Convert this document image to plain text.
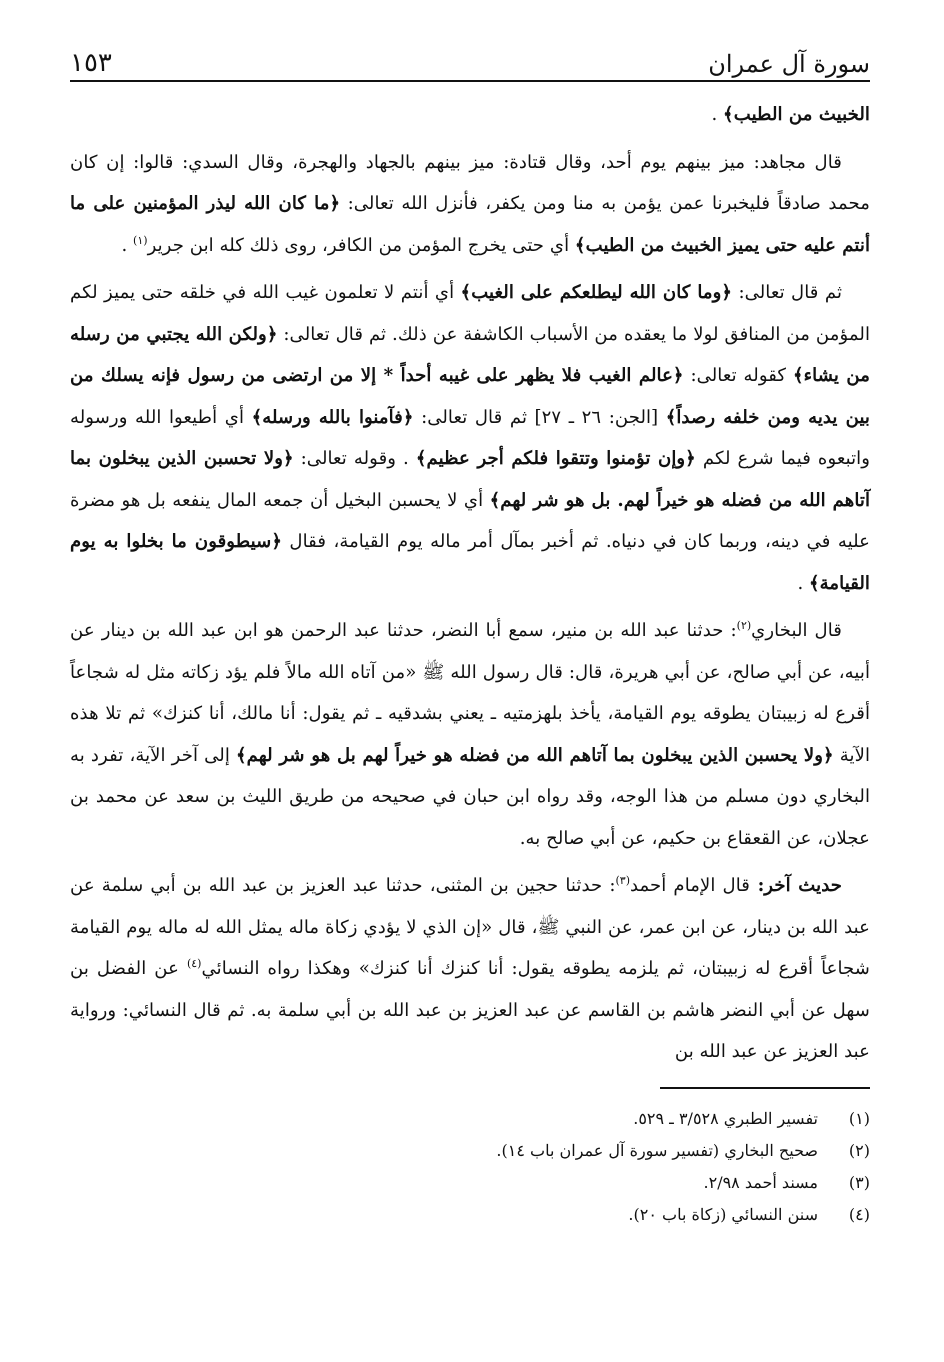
سورة آل عمران
١٥٣

الخبيث من الطيب﴾ .

قال مجاهد: ميز بينهم يوم أحد، وقال قتادة: ميز بينهم بالجهاد والهجرة، وقال السدي: قالوا: إن كان محمد صادقاً فليخبرنا عمن يؤمن به منا ومن يكفر، فأنزل الله تعالى: ﴿ما كان الله ليذر المؤمنين على ما أنتم عليه حتى يميز الخبيث من الطيب﴾ أي حتى يخرج المؤمن من الكافر، روى ذلك كله ابن جرير$^{(١)}$ .

ثم قال تعالى: ﴿وما كان الله ليطلعكم على الغيب﴾ أي أنتم لا تعلمون غيب الله في خلقه حتى يميز لكم المؤمن من المنافق لولا ما يعقده من الأسباب الكاشفة عن ذلك. ثم قال تعالى: ﴿ولكن الله يجتبي من رسله من يشاء﴾ كقوله تعالى: ﴿عالم الغيب فلا يظهر على غيبه أحداً * إلا من ارتضى من رسول فإنه يسلك من بين يديه ومن خلفه رصداً﴾ [الجن: ٢٦ ـ ٢٧] ثم قال تعالى: ﴿فآمنوا بالله ورسله﴾ أي أطيعوا الله ورسوله واتبعوه فيما شرع لكم ﴿وإن تؤمنوا وتتقوا فلكم أجر عظيم﴾ . وقوله تعالى: ﴿ولا تحسبن الذين يبخلون بما آتاهم الله من فضله هو خيراً لهم. بل هو شر لهم﴾ أي لا يحسبن البخيل أن جمعه المال ينفعه بل هو مضرة عليه في دينه، وربما كان في دنياه. ثم أخبر بمآل أمر ماله يوم القيامة، فقال ﴿سيطوقون ما بخلوا به يوم القيامة﴾ .

قال البخاري$^{(٢)}$: حدثنا عبد الله بن منير، سمع أبا النضر، حدثنا عبد الرحمن هو ابن عبد الله بن دينار عن أبيه، عن أبي صالح، عن أبي هريرة، قال: قال رسول الله ﷺ «من آتاه الله مالاً فلم يؤد زكاته مثل له شجاعاً أقرع له زبيبتان يطوقه يوم القيامة، يأخذ بلهزمتيه ـ يعني بشدقيه ـ ثم يقول: أنا مالك، أنا كنزك» ثم تلا هذه الآية ﴿ولا يحسبن الذين يبخلون بما آتاهم الله من فضله هو خيراً لهم بل هو شر لهم﴾ إلى آخر الآية، تفرد به البخاري دون مسلم من هذا الوجه، وقد رواه ابن حبان في صحيحه من طريق الليث بن سعد عن محمد بن عجلان، عن القعقاع بن حكيم، عن أبي صالح به.

حديث آخر: قال الإمام أحمد$^{(٣)}$: حدثنا حجين بن المثنى، حدثنا عبد العزيز بن عبد الله بن أبي سلمة عن عبد الله بن دينار، عن ابن عمر، عن النبي ﷺ، قال «إن الذي لا يؤدي زكاة ماله يمثل الله له ماله يوم القيامة شجاعاً أقرع له زبيبتان، ثم يلزمه يطوقه يقول: أنا كنزك أنا كنزك» وهكذا رواه النسائي$^{(٤)}$ عن الفضل بن سهل عن أبي النضر هاشم بن القاسم عن عبد العزيز بن عبد الله بن أبي سلمة به. ثم قال النسائي: ورواية عبد العزيز عن عبد الله بن

(١)
تفسير الطبري ٣/٥٢٨ ـ ٥٢٩.
(٢)
صحيح البخاري (تفسير سورة آل عمران باب ١٤).
(٣)
مسند أحمد ٢/٩٨.
(٤)
سنن النسائي (زكاة باب ٢٠).
